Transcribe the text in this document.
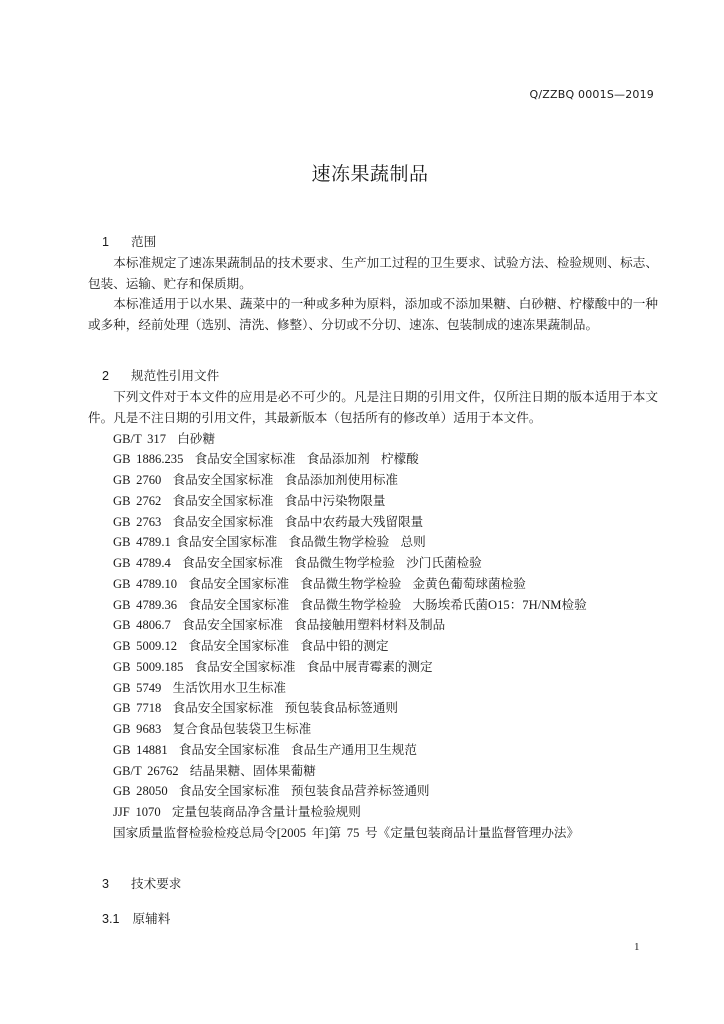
Q/ZZBQ 0001S—2019
速冻果蔬制品

1 范围

本标准规定了速冻果蔬制品的技术要求、生产加工过程的卫生要求、试验方法、检验规则、标志、包装、运输、贮存和保质期。

本标准适用于以水果、蔬菜中的一种或多种为原料，添加或不添加果糖、白砂糖、柠檬酸中的一种或多种，经前处理（选别、清洗、修整）、分切或不分切、速冻、包装制成的速冻果蔬制品。

2 规范性引用文件

下列文件对于本文件的应用是必不可少的。凡是注日期的引用文件，仅所注日期的版本适用于本文件。凡是不注日期的引用文件，其最新版本（包括所有的修改单）适用于本文件。

GB/T 317  白砂糖
GB 1886.235  食品安全国家标准  食品添加剂  柠檬酸
GB 2760  食品安全国家标准  食品添加剂使用标准
GB 2762  食品安全国家标准  食品中污染物限量
GB 2763  食品安全国家标准  食品中农药最大残留限量
GB 4789.1 食品安全国家标准  食品微生物学检验  总则
GB 4789.4  食品安全国家标准  食品微生物学检验  沙门氏菌检验
GB 4789.10  食品安全国家标准  食品微生物学检验  金黄色葡萄球菌检验
GB 4789.36  食品安全国家标准  食品微生物学检验  大肠埃希氏菌O15：7H/NM检验
GB 4806.7  食品安全国家标准  食品接触用塑料材料及制品
GB 5009.12  食品安全国家标准  食品中铅的测定
GB 5009.185  食品安全国家标准  食品中展青霉素的测定
GB 5749  生活饮用水卫生标准
GB 7718  食品安全国家标准  预包装食品标签通则
GB 9683  复合食品包装袋卫生标准
GB 14881  食品安全国家标准  食品生产通用卫生规范
GB/T 26762  结晶果糖、固体果葡糖
GB 28050  食品安全国家标准  预包装食品营养标签通则
JJF 1070  定量包装商品净含量计量检验规则
国家质量监督检验检疫总局令[2005 年]第 75 号《定量包装商品计量监督管理办法》

3 技术要求

3.1 原辅料

1
